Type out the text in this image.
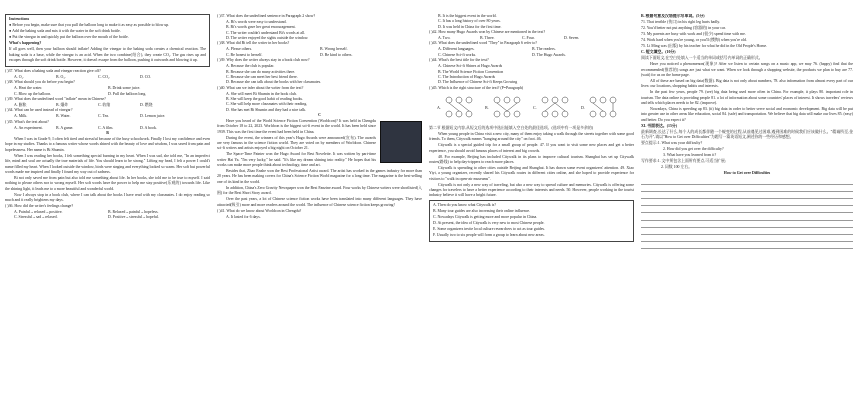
Instructions

● Before you begin, make sure that you pull the balloon long to make it as easy as possible to blow up.

● Add the baking soda and mix it with the water in the soft drink bottle.

● Put the vinegar in and quickly put the balloon over the mouth of the bottle.

What's happening?

If all goes well, then your balloon should inflate! Adding the vinegar to the baking soda creates a chemical reaction. The baking soda is a base, while the vinegar is an acid. When the two combine(结合), they create CO₂. The gas rises up and escapes through the soft drink bottle. However, it doesn't escape from the balloon, pushing it outwards and blowing it up.

( )37. What does a baking soda and vinegar reaction give off?

A. O₂.	B. O₃.	C. CO₂.	D. CO.

( )38. What should you do before you begin?

A. Heat the water.	B. Drink some juice.
C. Blow up the balloon.	D. Pull the balloon long.

( )39. What does the underlined word "inflate" mean in Chinese?

A. 膨胀	B. 爆炸	C. 收缩	D. 燃烧

( )34. What can be used instead of vinegar?

A. Milk.	B. Water.	C. Tea.	D. Lemon juice.

( )35. What's the text about?

A. An experiment.	B. A game.	C. A film.	D. A book.

B

When I was in Grade 9, I often felt tired and stressful because of the busy schoolwork. Finally I lost my confidence and even hope in my studies. Thanks to a famous writer whose words shined with the beauty of love and wisdom, I was saved from pain and hopelessness. Her name is Bi Shumin.

When I was reading her books, I felt something special burning in my heart. When I was sad, she told me, "In an imperfect life, mind and soul are actually the true materials of life. You should learn to be strong." Lifting my head, I felt a power I could't name filled my heart. When I looked outside the window, birds were singing and everything looked so warm. Her soft but powerful words made me inspired and finally I found my way out of sadness.

Bi not only saved me from pain but also told me something about life. In her books, she told me to be true to myself. I said nothing to please others nor to wrong myself. Her soft words have the power to help me stay positive(乐观的) towards life. Like the shining light, it leads me to a more beautiful and wonderful world.

Now I always stop in a book club, where I can talk about the books I have read with my classmates. I do enjoy reading so much and it really brightens my days.

( )36. How did the writer's feelings change?

A. Painful→relaxed→positive.	B. Relaxed→painful→hopeless.
C. Stressful→sad→relaxed.	D. Positive→stressful→hopeful.

( )37. What does the underlined sentence in Paragraph 2 show?

A. Bi's words were easy to understand.
B. Bi's words gave her great encouragement.
C. The writer couldn't understand Bi's words at all.
D. The writer enjoyed the sights outside the window.

( )38. What did Bi tell the writer in her books?

A. Please others.	B. Wrong herself.
C. Be honest to herself.	D. Be kind to others.

( )39. Why does the writer always stay in a book club now?

A. Because the club is popular.
B. Because she can do many activities there.
C. Because she can meet her best friend there.
D. Because she can talk about the books with her classmates.

( )40. What can we infer about the writer from the text?

A. She will meet Bi Shumin in the book club.
B. She will keep the good habit of reading books.
C. She will help more classmates with their reading.
D. She has met Bi Shumin and they had a nice talk.

C

Have you heard of the World Science Fiction Convention (Worldcon)? It was held in Chengdu from October 18 to 22, 2023. Worldcon is the biggest sci-fi event in the world. It has been held since 1939. This was the first time the event had been held in China.

During the event, the winners of this year's Hugo Awards were announced(宣布). The awards are very famous in the science fiction world. They are voted on by members of Worldcon. Chinese sci-fi writers and artists enjoyed a big night on October 21.

The Space-Time Painter won the Hugo Award for Best Novelette. It was written by part-time writer Hai Ya. "I'm very lucky," he said. "It's like my dream shining into reality." He hopes that his works can make more people think about technology, time and art.

Besides that, Zhao Enzhe won the Best Professional Artist award. The artist has worked in the games industry for more than 20 years. He has been making covers for China's Science Fiction World magazine for a long time. The magazine is the best-selling one of its kind in the world.

In addition, China's Zero Gravity Newspaper won the Best Fanzine award. Four works by Chinese writers were shortlisted(入围) for the Best Short Story award.

Over the past years, a lot of Chinese science fiction works have been translated into many different languages. They have attracted(吸引) more and more readers around the world. The influence of Chinese science fiction keeps growing!

( )41. What do we know about Worldcon in Chengdu?

A. It lasted for 6 days.
B. It is the biggest event in the world.
C. It has a long history of over 80 years.
D. It was held in China for the first time.

( )42. How many Hugo Awards won by Chinese are mentioned in the text?

A. Two.	B. Three.	C. Four.	D. Seven.

( )43. What does the underlined word "They" in Paragraph 6 refer to?

A. Different languages.	B. The readers.
C. Chinese Sci-fi works.	D. The Hugo Awards.

( )44. What's the best title for the text?

A. Chinese Sci-fi Shines at Hugo Awards
B. The World Science Fiction Convention
C. The Introduction of Hugo Awards
D. The Influence of Chinese Sci-fi Keeps Growing

( )45. Which is the right structure of the text? (P=Paragraph)

A.	B.	C.	D.

第二节 根据短文内容,从短文后的选项中选出能填入空白处的最佳选项。(选项中有一项是多余的)

When young people in China visit a new city, many of them enjoy taking a walk through the streets together with some good friends. To them, Citywalk means "hanging around the city" on foot. 46.

Citywalk is a special guided trip for a small group of people. 47. If you want to visit some new places and get a better experience, you should avoid famous places of interest and big crowds.

48. For example, Beijing has included Citywalk in its plans to improve cultural tourism. Shanghai has set up Citywalk routes(路线) to help day-trippers to reach more places.

Citywalk is spreading to other cities outside Beijing and Shanghai. It has drawn some event organizers' attention. 49. Xiao Yiyi, a young organizer, recently shared his Citywalk routes in different cities online, and she hoped to provide experience for visitors to "walk in open-air museums".

Citywalk is not only a new way of traveling, but also a new way to spread culture and memories. Citywalk is offering some changes for travelers to have a better experience according to their interests and needs. 50. However, people working in the tourist industry believe it will have a bright future.

A. Then do you know what Citywalk is?

B. Many tour guides are also increasing their online influence.

C. Nowadays Citywalk is getting more and more popular in China.

D. At present, the idea of Citywalk is very new to most Chinese people.

E. Some organizers invite local culture researchers to act as tour guides.

F. Usually two to six people will form a group to learn about new areas.

B. 根据句意及汉语提示写单词。(5分)

71. That terrible (伤口) in his right leg hurts badly.

72. You'd better not put anything (容器的) in your car.

73. My parents are busy with work and (很少) spend time with me.

74. Work hard when you're young, or you'll (懊悔) when you're old.

75. Li Ming was (出版) by his teacher for what he did in the Old People's Home.

C. 短文填空。(10分)

阅读下面短文,在空白处填入一个适当的单词或括号内单词的正确形式。

Have you noticed a phenomenon(现象)? After we listen to certain songs on a music app, we may 76. (happy) find that the recommended(推荐的) songs are just what we want. When we look through a shopping website, the products we plan to buy are 77. (wait) for us on the home page.

All of these are based on big data(数据). Big data is not only about numbers, 78. also information from almost every part of our lives: our locations, shopping habits and interests.

In the past few years, people 79. (see) big data being used more often in China. For example, it plays 80. important role in tourism. The data online is providing people 81. a lot of information about some countries' places of interest. It shows travelers' reviews and tells which places needs to be 82. (improve).

Nowadays, China is speeding up 83. (it) big data in order to better serve social and economic development. Big data will be put into greater use in other areas like education, social 84. (safe) and transportation. We believe that big data will make our lives 85. (easy) and better. Do you expect it?

XI. 书面表达。(15分)

最新调查,长达了什么,每个人的成长都伴随一个蜕变的过程,从前遇见过困难,遇到困难的时候我们应该做什么。"精诚所至,金石为开",请以"How to Get over Difficulties"为题写一篇英语短文,阐述你的一些经历和感想。

要点提示:1. What was your difficulty?

2. How did you get over the difficulty?

3. What have you learned from it?

写作要求:1. 文中须包含上面所有要点,可适当扩展;

2. 词数 100 左右。

How to Get over Difficulties
